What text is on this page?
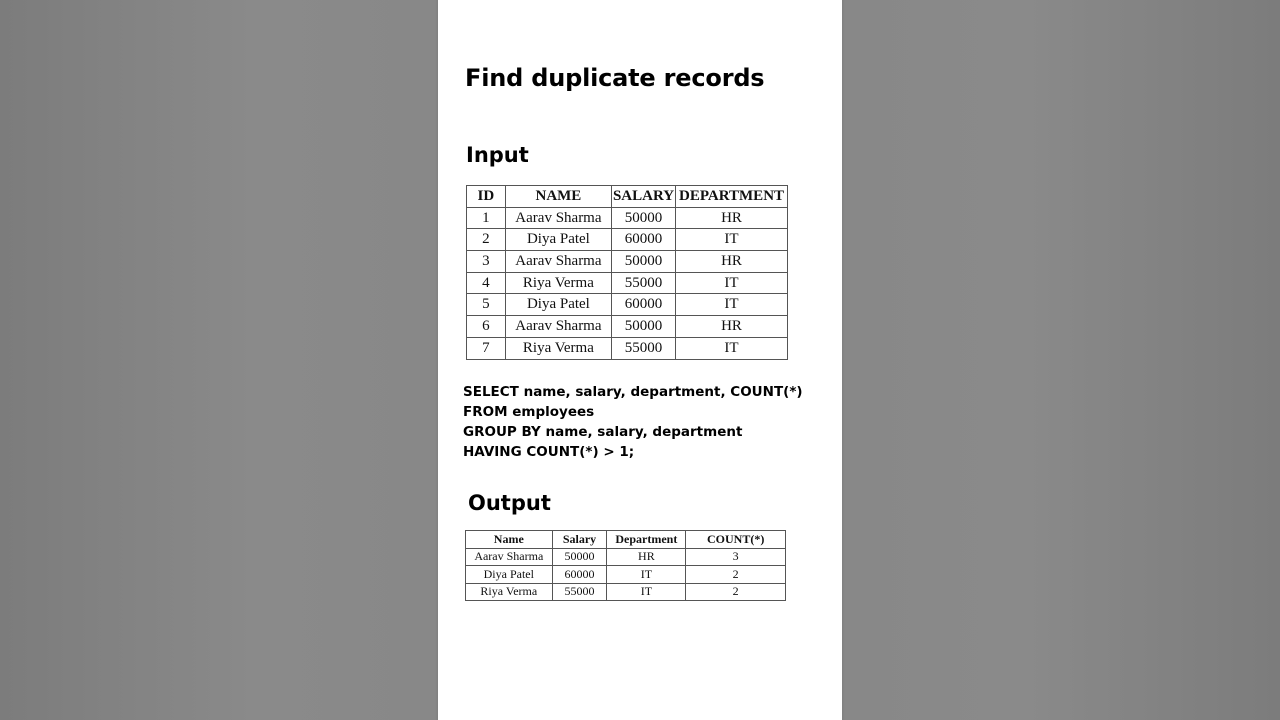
Find duplicate records
Input
ID	NAME	SALARY	DEPARTMENT
1	Aarav Sharma	50000	HR
2	Diya Patel	60000	IT
3	Aarav Sharma	50000	HR
4	Riya Verma	55000	IT
5	Diya Patel	60000	IT
6	Aarav Sharma	50000	HR
7	Riya Verma	55000	IT
SELECT name, salary, department, COUNT(*)
FROM employees
GROUP BY name, salary, department
HAVING COUNT(*) > 1;
Output
Name	Salary	Department	COUNT(*)
Aarav Sharma	50000	HR	3
Diya Patel	60000	IT	2
Riya Verma	55000	IT	2
